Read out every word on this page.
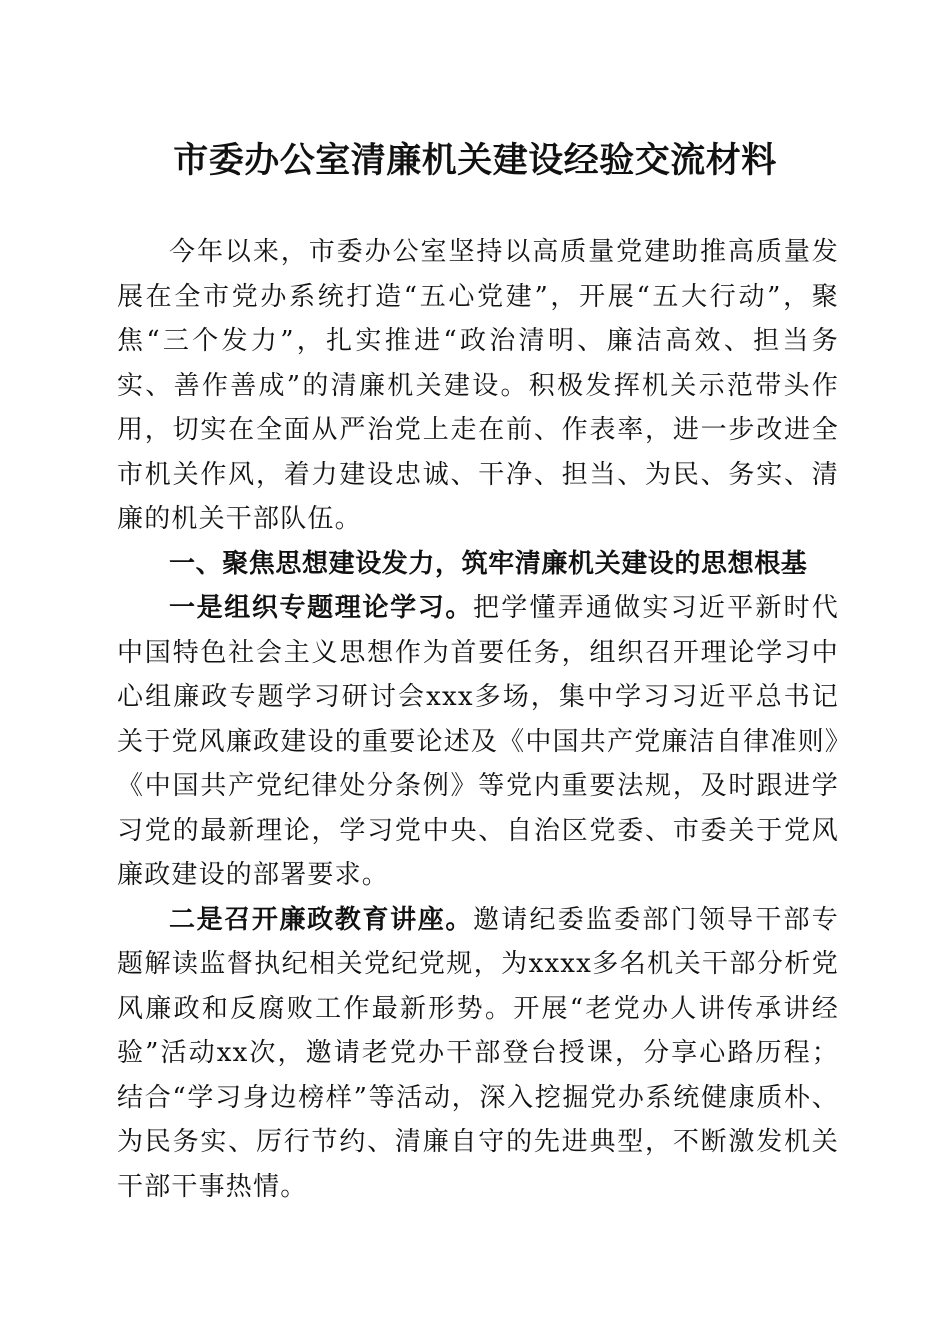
市委办公室清廉机关建设经验交流材料

今年以来，市委办公室坚持以高质量党建助推高质量发展在全市党办系统打造“五心党建”，开展“五大行动”，聚焦“三个发力”，扎实推进“政治清明、廉洁高效、担当务实、善作善成”的清廉机关建设。积极发挥机关示范带头作用，切实在全面从严治党上走在前、作表率，进一步改进全市机关作风，着力建设忠诚、干净、担当、为民、务实、清廉的机关干部队伍。

一、聚焦思想建设发力，筑牢清廉机关建设的思想根基

一是组织专题理论学习。把学懂弄通做实习近平新时代中国特色社会主义思想作为首要任务，组织召开理论学习中心组廉政专题学习研讨会xxx多场，集中学习习近平总书记关于党风廉政建设的重要论述及《中国共产党廉洁自律准则》《中国共产党纪律处分条例》等党内重要法规，及时跟进学习党的最新理论，学习党中央、自治区党委、市委关于党风廉政建设的部署要求。

二是召开廉政教育讲座。邀请纪委监委部门领导干部专题解读监督执纪相关党纪党规，为xxxx多名机关干部分析党风廉政和反腐败工作最新形势。开展“老党办人讲传承讲经验”活动xx次，邀请老党办干部登台授课，分享心路历程；结合“学习身边榜样”等活动，深入挖掘党办系统健康质朴、为民务实、厉行节约、清廉自守的先进典型，不断激发机关干部干事热情。
